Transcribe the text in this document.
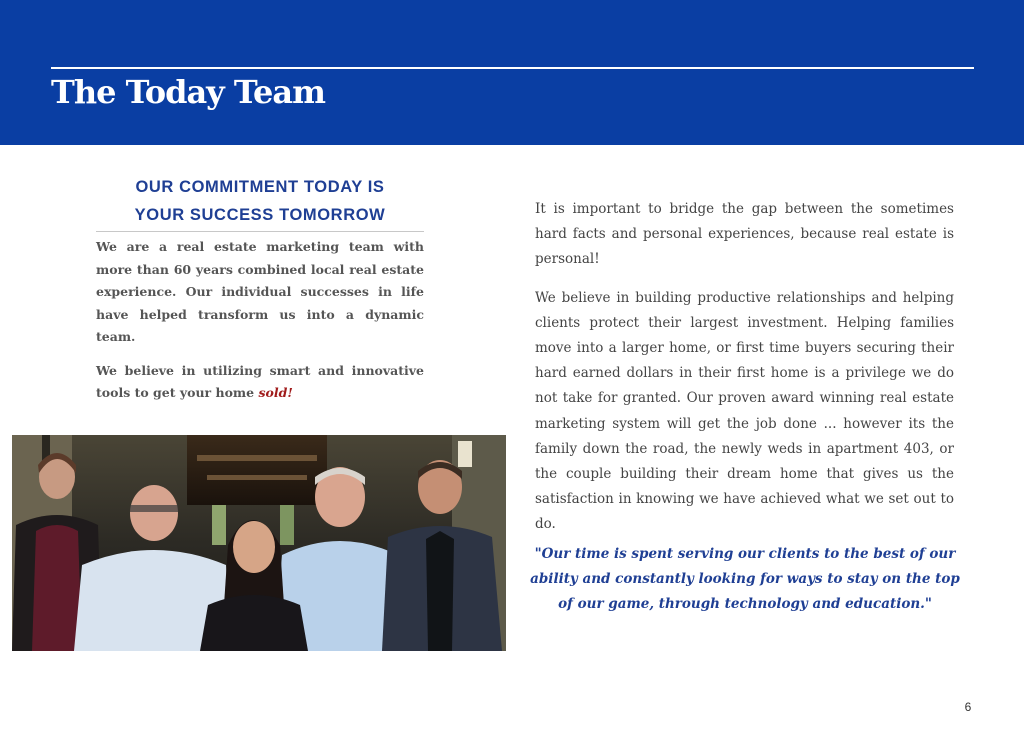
The Today Team
OUR COMMITMENT TODAY IS
YOUR SUCCESS TOMORROW

We are a real estate marketing team with more than 60 years combined local real estate experience. Our individual successes in life have helped transform us into a dynamic team.

We believe in utilizing smart and innovative tools to get your home sold!

It is important to bridge the gap between the sometimes hard facts and personal experiences, because real estate is personal!

We believe in building productive relationships and helping clients protect their largest investment. Helping families move into a larger home, or first time buyers securing their hard earned dollars in their first home is a privilege we do not take for granted. Our proven award winning real estate marketing system will get the job done ... however its the family down the road, the newly weds in apartment 403, or the couple building their dream home that gives us the satisfaction in knowing we have achieved what we set out to do.

"Our time is spent serving our clients to the best of our ability and constantly looking for ways to stay on the top of our game, through technology and education."
6
